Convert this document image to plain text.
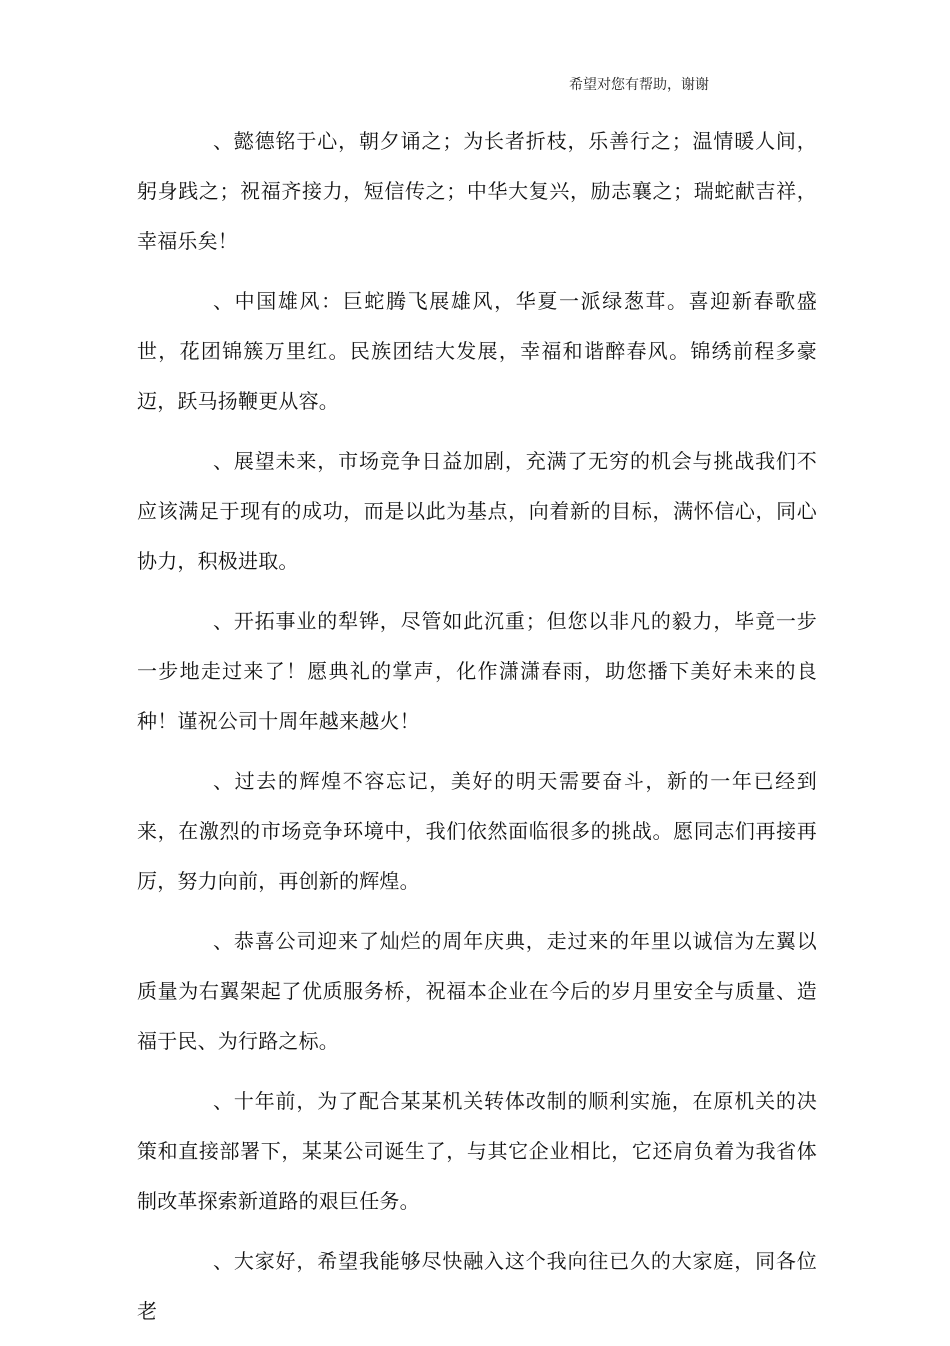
希望对您有帮助，谢谢

、懿德铭于心，朝夕诵之；为长者折枝，乐善行之；温情暖人间，躬身践之；祝福齐接力，短信传之；中华大复兴，励志襄之；瑞蛇献吉祥，幸福乐矣！

、中国雄风：巨蛇腾飞展雄风，华夏一派绿葱茸。喜迎新春歌盛世，花团锦簇万里红。民族团结大发展，幸福和谐醉春风。锦绣前程多豪迈，跃马扬鞭更从容。

、展望未来，市场竞争日益加剧，充满了无穷的机会与挑战我们不应该满足于现有的成功，而是以此为基点，向着新的目标，满怀信心，同心协力，积极进取。

、开拓事业的犁铧，尽管如此沉重；但您以非凡的毅力，毕竟一步一步地走过来了！愿典礼的掌声，化作潇潇春雨，助您播下美好未来的良种！谨祝公司十周年越来越火！

、过去的辉煌不容忘记，美好的明天需要奋斗，新的一年已经到来，在激烈的市场竞争环境中，我们依然面临很多的挑战。愿同志们再接再厉，努力向前，再创新的辉煌。

、恭喜公司迎来了灿烂的周年庆典，走过来的年里以诚信为左翼以质量为右翼架起了优质服务桥，祝福本企业在今后的岁月里安全与质量、造福于民、为行路之标。

、十年前，为了配合某某机关转体改制的顺利实施，在原机关的决策和直接部署下，某某公司诞生了，与其它企业相比，它还肩负着为我省体制改革探索新道路的艰巨任务。

、大家好，希望我能够尽快融入这个我向往已久的大家庭，同各位老
